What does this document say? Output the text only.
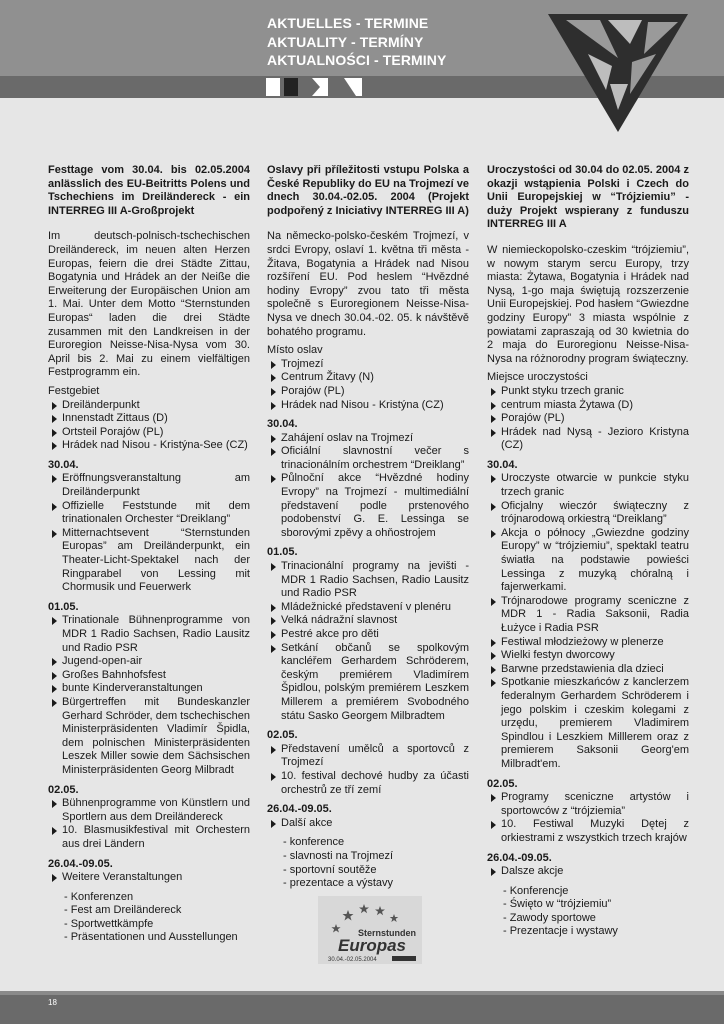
AKTUELLES - TERMINE
AKTUALITY - TERMÍNY
AKTUALNOŚCI - TERMINY
Festtage vom 30.04. bis 02.05.2004 anlässlich des EU-Beitritts Polens und Tschechiens im Dreiländereck - ein INTERREG III A-Großprojekt
Im deutsch-polnisch-tschechischen Dreiländereck, im neuen alten Herzen Europas, feiern die drei Städte Zittau, Bogatynia und Hrádek an der Neiße die Erweiterung der Europäischen Union am 1. Mai. Unter dem Motto “Sternstunden Europas“ laden die drei Städte zusammen mit den Landkreisen in der Euroregion Neisse-Nisa-Nysa vom 30. April bis 2. Mai zu einem vielfältigen Festprogramm ein.
Festgebiet
Dreiländerpunkt
Innenstadt Zittaus (D)
Ortsteil Porajów (PL)
Hrádek nad Nisou - Kristýna-See (CZ)
30.04.
Eröffnungsveranstaltung am Dreiländerpunkt
Offizielle Feststunde mit dem trinationalen Orchester “Dreiklang”
Mitternachtsevent “Sternstunden Europas” am Dreiländerpunkt, ein Theater-Licht-Spektakel nach der Ringparabel von Lessing mit Chormusik und Feuerwerk
01.05.
Trinationale Bühnenprogramme von MDR 1 Radio Sachsen, Radio Lausitz und Radio PSR
Jugend-open-air
Großes Bahnhofsfest
bunte Kinderveranstaltungen
Bürgertreffen mit Bundeskanzler Gerhard Schröder, dem tschechischen Ministerpräsidenten Vladimír Špidla, dem polnischen Ministerpräsidenten Leszek Miller sowie dem Sächsischen Ministerpräsidenten Georg Milbradt
02.05.
Bühnenprogramme von Künstlern und Sportlern aus dem Dreiländereck
10. Blasmusikfestival mit Orchestern aus drei Ländern
26.04.-09.05.
Weitere Veranstaltungen
- Konferenzen
- Fest am Dreiländereck
- Sportwettkämpfe
- Präsentationen und Ausstellungen
Oslavy při příležitosti vstupu Polska a České Republiky do EU na Trojmezí ve dnech 30.04.-02.05. 2004 (Projekt podpořený z Iniciativy INTERREG III A)
Na německo-polsko-českém Trojmezí, v srdci Evropy, oslaví 1. května tři města - Žitava, Bogatynia a Hrádek nad Nisou rozšíření EU. Pod heslem “Hvězdné hodiny Evropy” zvou tato tři města společně s Euroregionem Neisse-Nisa-Nysa ve dnech 30.04.-02. 05. k návštěvě bohatého programu.
Místo oslav
Trojmezí
Centrum Žitavy (N)
Porajów (PL)
Hrádek nad Nisou - Kristýna (CZ)
30.04.
Zahájení oslav na Trojmezí
Oficiální slavnostní večer s trinacionálním orchestrem “Dreiklang”
Půlnoční akce “Hvězdné hodiny Evropy” na Trojmezí - multimediální představení podle prstenového podobenství G. E. Lessinga se sborovými zpěvy a ohňostrojem
01.05.
Trinacionální programy na jevišti - MDR 1 Radio Sachsen, Radio Lausitz und Radio PSR
Mládežnické představení v plenéru
Velká nádražní slavnost
Pestré akce pro děti
Setkání občanů se spolkovým kancléřem Gerhardem Schröderem, českým premiérem Vladimírem Špidlou, polským premiérem Leszkem Millerem a premiérem Svobodného státu Sasko Georgem Milbradtem
02.05.
Představení umělců a sportovců z Trojmezí
10. festival dechové hudby za účasti orchestrů ze tří zemí
26.04.-09.05.
Další akce
- konference
- slavnosti na Trojmezí
- sportovní soutěže
- prezentace a výstavy
Uroczystości od 30.04 do 02.05. 2004 z okazji wstąpienia Polski i Czech do Unii Europejskiej w “Trójziemiu” - duży Projekt wspierany z funduszu INTERREG III A
W niemieckopolsko-czeskim “trójziemiu”, w nowym starym sercu Europy, trzy miasta: Żytawa, Bogatynia i Hrádek nad Nysą, 1-go maja świętują rozszerzenie Unii Europejskiej. Pod hasłem “Gwiezdne godziny Europy” 3 miasta wspólnie z powiatami zapraszają od 30 kwietnia do 2 maja do Euroregionu Neisse-Nisa-Nysa na różnorodny program świąteczny.
Miejsce uroczystości
Punkt styku trzech granic
centrum miasta Żytawa (D)
Porajów (PL)
Hrádek nad Nysą - Jezioro Kristyna (CZ)
30.04.
Uroczyste otwarcie w punkcie styku trzech granic
Oficjalny wieczór świąteczny z trójnarodową orkiestrą “Dreiklang”
Akcja o północy „Gwiezdne godziny Europy” w “trójziemiu”, spektakl teatru światła na podstawie powieści Lessinga z muzyką chóralną i fajerwerkami.
Trójnarodowe programy sceniczne z MDR 1 - Radia Saksonii, Radia Łużyce i Radia PSR
Festiwal młodzieżowy w plenerze
Wielki festyn dworcowy
Barwne przedstawienia dla dzieci
Spotkanie mieszkańców z kanclerzem federalnym Gerhardem Schröderem i jego polskim i czeskim kolegami z urzędu, premierem Vladimirem Spindlou i Leszkiem Milllerem oraz z premierem Saksonii Georg'em Milbradt'em.
02.05.
Programy sceniczne artystów i sportowców z “trójziemia”
10. Festiwal Muzyki Dętej z orkiestrami z wszystkich trzech krajów
26.04.-09.05.
Dalsze akcje
- Konferencje
- Święto w “trójziemiu”
- Zawody sportowe
- Prezentacje i wystawy
Sternstunden
Europas
30.04.-02.05.2004
18
